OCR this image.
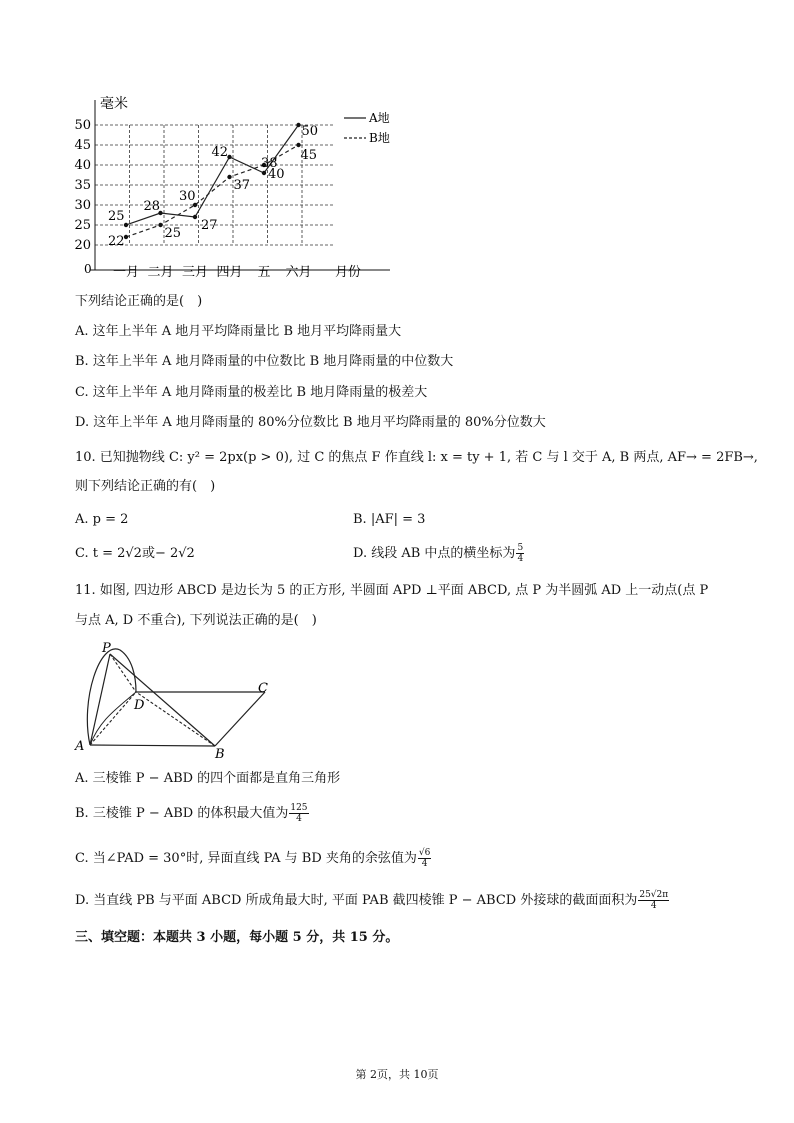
20
25
30
35
40
45
50
毫米
0	月份
一月 二月 三月 四月 五 六月
25
28
27
42
38
50
22
25
30
37
40
45
A地
B地
下列结论正确的是( )
A. 这年上半年 A 地月平均降雨量比 B 地月平均降雨量大
B. 这年上半年 A 地月降雨量的中位数比 B 地月降雨量的中位数大
C. 这年上半年 A 地月降雨量的极差比 B 地月降雨量的极差大
D. 这年上半年 A 地月降雨量的 80%分位数比 B 地月平均降雨量的 80%分位数大
10. 已知抛物线 C: y² = 2px(p > 0), 过 C 的焦点 F 作直线 l: x = ty + 1, 若 C 与 l 交于 A, B 两点, AF→ = 2FB→,
则下列结论正确的有( )
A. p = 2	B. |AF| = 3
C. t = 2√2或− 2√2	D. 线段 AB 中点的横坐标为 $\frac{5}{4}$
11. 如图, 四边形 ABCD 是边长为 5 的正方形, 半圆面 APD ⊥平面 ABCD, 点 P 为半圆弧 AD 上一动点(点 P
与点 A, D 不重合), 下列说法正确的是( )
P
D
C
A
B
A. 三棱锥 P − ABD 的四个面都是直角三角形
B. 三棱锥 P − ABD 的体积最大值为 $\frac{125}{4}$
C. 当∠PAD = 30°时, 异面直线 PA 与 BD 夹角的余弦值为 $\frac{√6}{4}$
D. 当直线 PB 与平面 ABCD 所成角最大时, 平面 PAB 截四棱锥 P − ABCD 外接球的截面面积为 $\frac{25√2\pi}{4}$
三、填空题：本题共 3 小题，每小题 5 分，共 15 分。
第 2页，共 10页
